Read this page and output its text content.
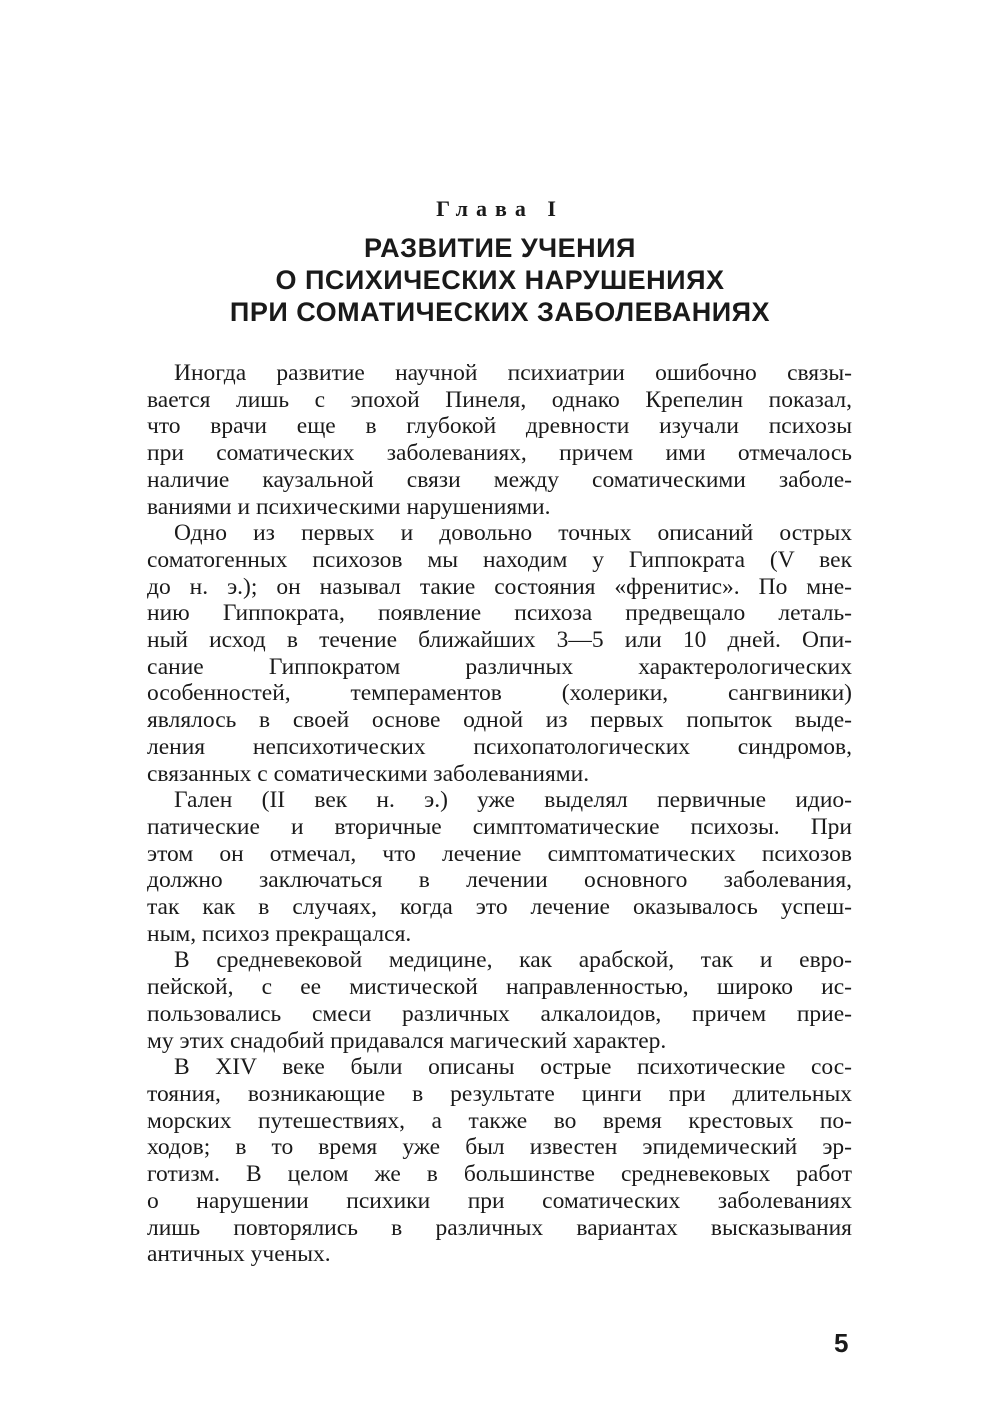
Глава I
РАЗВИТИЕ УЧЕНИЯ
О ПСИХИЧЕСКИХ НАРУШЕНИЯХ
ПРИ СОМАТИЧЕСКИХ ЗАБОЛЕВАНИЯХ
Иногда развитие научной психиатрии ошибочно связы-
вается лишь с эпохой Пинеля, однако Крепелин показал,
что врачи еще в глубокой древности изучали психозы
при соматических заболеваниях, причем ими отмечалось
наличие каузальной связи между соматическими заболе-
ваниями и психическими нарушениями.
Одно из первых и довольно точных описаний острых
соматогенных психозов мы находим у Гиппократа (V век
до н. э.); он называл такие состояния «френитис». По мне-
нию Гиппократа, появление психоза предвещало леталь-
ный исход в течение ближайших 3—5 или 10 дней. Опи-
сание Гиппократом различных характерологических
особенностей, темпераментов (холерики, сангвиники)
являлось в своей основе одной из первых попыток выде-
ления непсихотических психопатологических синдромов,
связанных с соматическими заболеваниями.
Гален (II век н. э.) уже выделял первичные идио-
патические и вторичные симптоматические психозы. При
этом он отмечал, что лечение симптоматических психозов
должно заключаться в лечении основного заболевания,
так как в случаях, когда это лечение оказывалось успеш-
ным, психоз прекращался.
В средневековой медицине, как арабской, так и евро-
пейской, с ее мистической направленностью, широко ис-
пользовались смеси различных алкалоидов, причем прие-
му этих снадобий придавался магический характер.
В XIV веке были описаны острые психотические сос-
тояния, возникающие в результате цинги при длительных
морских путешествиях, а также во время крестовых по-
ходов; в то время уже был известен эпидемический эр-
готизм. В целом же в большинстве средневековых работ
о нарушении психики при соматических заболеваниях
лишь повторялись в различных вариантах высказывания
античных ученых.
5
